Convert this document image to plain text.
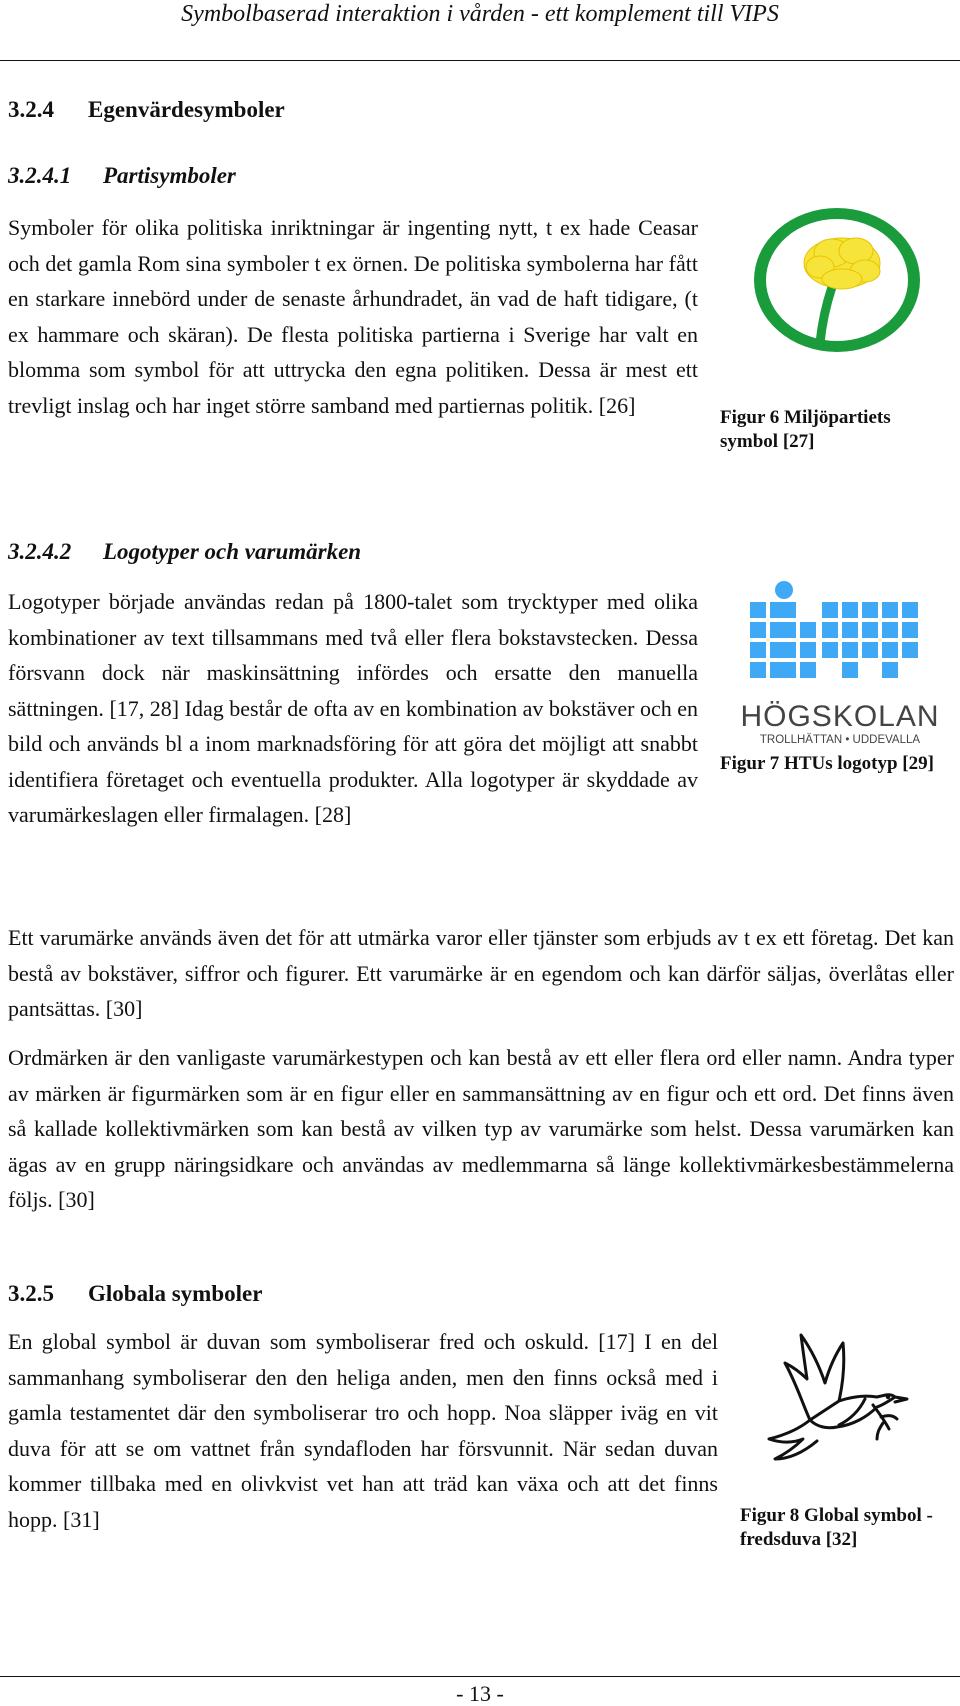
Symbolbaserad interaktion i vården - ett komplement till VIPS
3.2.4 Egenvärdesymboler
3.2.4.1 Partisymboler

Symboler för olika politiska inriktningar är ingenting nytt, t ex hade Ceasar och det gamla Rom sina symboler t ex örnen. De politiska symbolerna har fått en starkare innebörd under de senaste århundradet, än vad de haft tidigare, (t ex hammare och skäran). De flesta politiska partierna i Sverige har valt en blomma som symbol för att uttrycka den egna politiken. Dessa är mest ett trevligt inslag och har inget större samband med partiernas politik. [26]	Figur 6 Miljöpartiets symbol [27]
3.2.4.2 Logotyper och varumärken

Logotyper började användas redan på 1800-talet som trycktyper med olika kombinationer av text tillsammans med två eller flera bokstavstecken. Dessa försvann dock när maskinsättning infördes och ersatte den manuella sättningen. [17, 28] Idag består de ofta av en kombination av bokstäver och en bild och används bl a inom marknadsföring för att göra det möjligt att snabbt identifiera företaget och eventuella produkter. Alla logotyper är skyddade av varumärkeslagen eller firmalagen. [28]

HÖGSKOLAN
TROLLHÄTTAN • UDDEVALLA
Figur 7 HTUs logotyp [29]

Ett varumärke används även det för att utmärka varor eller tjänster som erbjuds av t ex ett företag. Det kan bestå av bokstäver, siffror och figurer. Ett varumärke är en egendom och kan därför säljas, överlåtas eller pantsättas. [30]

Ordmärken är den vanligaste varumärkestypen och kan bestå av ett eller flera ord eller namn. Andra typer av märken är figurmärken som är en figur eller en sammansättning av en figur och ett ord. Det finns även så kallade kollektivmärken som kan bestå av vilken typ av varumärke som helst. Dessa varumärken kan ägas av en grupp näringsidkare och användas av medlemmarna så länge kollektivmärkesbestämmelerna följs. [30]

3.2.5 Globala symboler

En global symbol är duvan som symboliserar fred och oskuld. [17] I en del sammanhang symboliserar den den heliga anden, men den finns också med i gamla testamentet där den symboliserar tro och hopp. Noa släpper iväg en vit duva för att se om vattnet från syndafloden har försvunnit. När sedan duvan kommer tillbaka med en olivkvist vet han att träd kan växa och att det finns hopp. [31]	Figur 8 Global symbol - fredsduva [32]
- 13 -
